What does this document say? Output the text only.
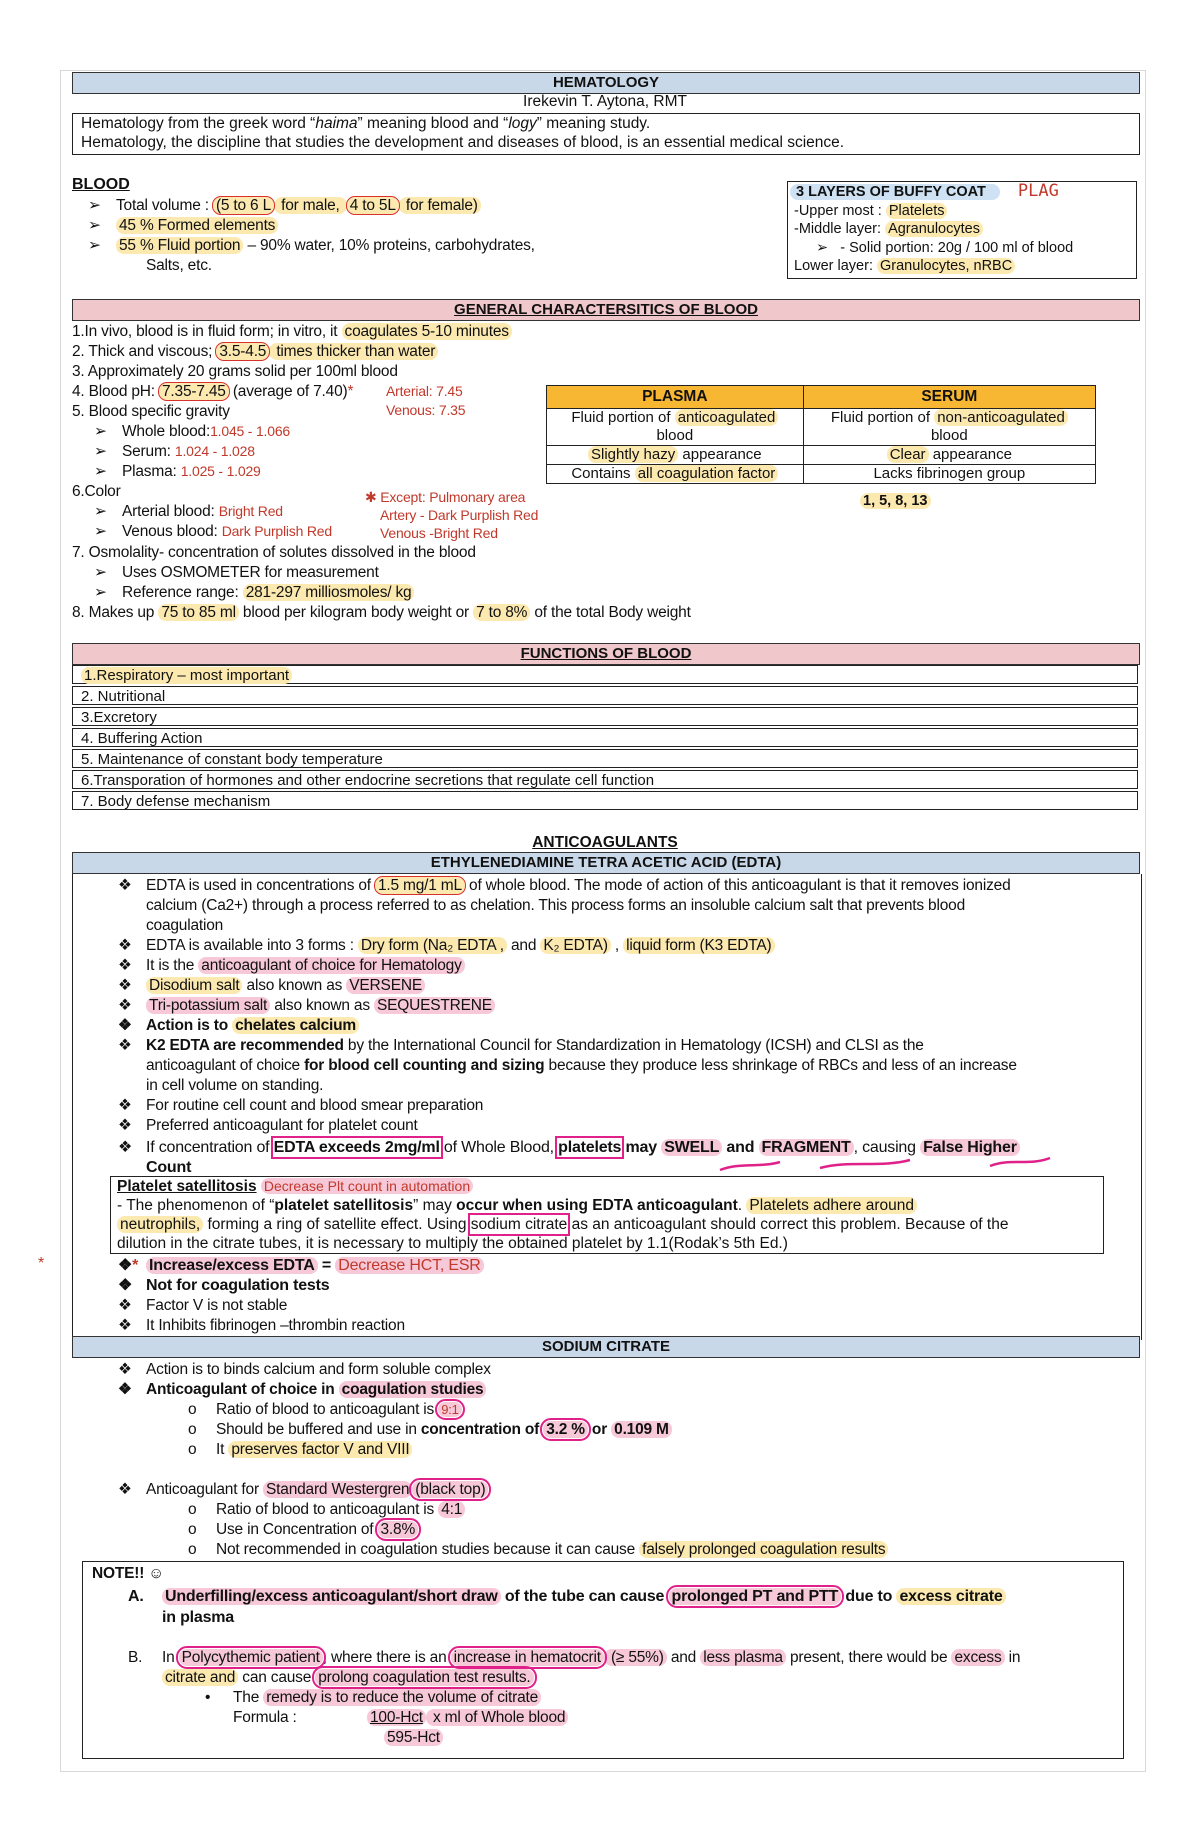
HEMATOLOGY
Irekevin T. Aytona, RMT
Hematology from the greek word “haima” meaning blood and “logy” meaning study.
Hematology, the discipline that studies the development and diseases of blood, is an essential medical science.
BLOOD
➢ Total volume : (5 to 6 L for male, 4 to 5L for female)
➢ 45 % Formed elements
➢ 55 % Fluid portion – 90% water, 10% proteins, carbohydrates,
Salts, etc.
3 LAYERS OF BUFFY COAT PLAG
-Upper most : Platelets
-Middle layer: Agranulocytes
➢   - Solid portion: 20g / 100 ml of blood
Lower layer: Granulocytes, nRBC
GENERAL CHARACTERSITICS OF BLOOD
1.In vivo, blood is in fluid form; in vitro, it coagulates 5-10 minutes
2. Thick and viscous; 3.5-4.5 times thicker than water
3. Approximately 20 grams solid per 100ml blood
4. Blood pH: 7.35-7.45 (average of 7.40)* Arterial: 7.45
Venous: 7.35
5. Blood specific gravity
➢ Whole blood:1.045 - 1.066
➢ Serum: 1.024 - 1.028
➢ Plasma: 1.025 - 1.029
6.Color
➢ Arterial blood: Bright Red
➢ Venous blood: Dark Purplish Red
✱ Except: Pulmonary area
Artery - Dark Purplish Red
Venous -Bright Red
7. Osmolality- concentration of solutes dissolved in the blood
➢ Uses OSMOMETER for measurement
➢ Reference range: 281-297 milliosmoles/ kg
8. Makes up 75 to 85 ml blood per kilogram body weight or 7 to 8% of the total Body weight
PLASMA	SERUM
Fluid portion of anticoagulated
blood	Fluid portion of non-anticoagulated
blood
Slightly hazy appearance	Clear appearance
Contains all coagulation factor	Lacks fibrinogen group
1, 5, 8, 13
FUNCTIONS OF BLOOD
1.Respiratory – most important
2. Nutritional
3.Excretory
4. Buffering Action
5. Maintenance of constant body temperature
6.Transporation of hormones and other endocrine secretions that regulate cell function
7. Body defense mechanism
ANTICOAGULANTS
ETHYLENEDIAMINE TETRA ACETIC ACID (EDTA)
❖ EDTA is used in concentrations of 1.5 mg/1 mL of whole blood. The mode of action of this anticoagulant is that it removes ionized
calcium (Ca2+) through a process referred to as chelation. This process forms an insoluble calcium salt that prevents blood
coagulation
❖ EDTA is available into 3 forms : Dry form (Na₂ EDTA , and K₂ EDTA) , liquid form (K3 EDTA)
❖ It is the anticoagulant of choice for Hematology
❖ Disodium salt also known as VERSENE
❖ Tri-potassium salt also known as SEQUESTRENE
❖ Action is to chelates calcium
❖ K2 EDTA are recommended by the International Council for Standardization in Hematology (ICSH) and CLSI as the
anticoagulant of choice for blood cell counting and sizing because they produce less shrinkage of RBCs and less of an increase
in cell volume on standing.
❖ For routine cell count and blood smear preparation
❖ Preferred anticoagulant for platelet count
❖ If concentration of EDTA exceeds 2mg/ml of Whole Blood, platelets may SWELL and FRAGMENT , causing False Higher
Count
Platelet satellitosis Decrease Plt count in automation
- The phenomenon of “platelet satellitosis” may occur when using EDTA anticoagulant. Platelets adhere around
neutrophils, forming a ring of satellite effect. Using sodium citrate as an anticoagulant should correct this problem. Because of the
dilution in the citrate tubes, it is necessary to multiply the obtained platelet by 1.1(Rodak’s 5th Ed.)
*	❖* Increase/excess EDTA = Decrease HCT, ESR
❖ Not for coagulation tests
❖ Factor V is not stable
❖ It Inhibits fibrinogen –thrombin reaction
SODIUM CITRATE
❖ Action is to binds calcium and form soluble complex
❖ Anticoagulant of choice in coagulation studies
o Ratio of blood to anticoagulant is 9:1
o Should be buffered and use in concentration of 3.2 % or 0.109 M
o It preserves factor V and VIII
❖ Anticoagulant for Standard Westergren (black top)
o Ratio of blood to anticoagulant is 4:1
o Use in Concentration of 3.8%
o Not recommended in coagulation studies because it can cause falsely prolonged coagulation results
NOTE!! ☺
A. Underfilling/excess anticoagulant/short draw of the tube can cause prolonged PT and PTT due to excess citrate
in plasma
B. In Polycythemic patient , where there is an increase in hematocrit (≥ 55%) and less plasma present, there would be excess in
citrate and can cause prolong coagulation test results.
• The remedy is to reduce the volume of citrate
Formula :	100-Hct x ml of Whole blood
595-Hct
